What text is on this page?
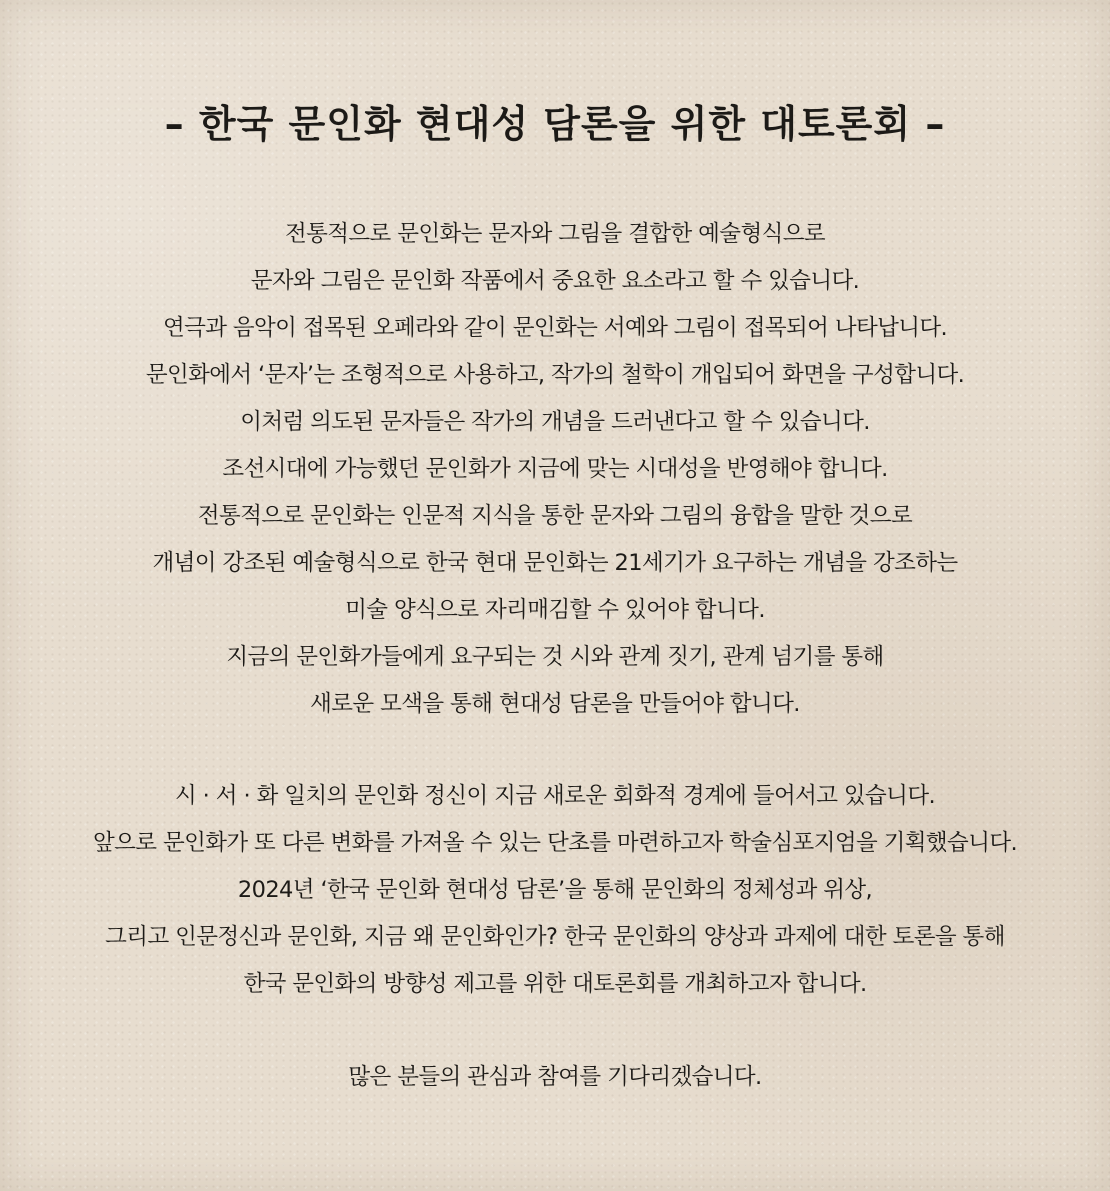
– 한국 문인화 현대성 담론을 위한 대토론회 –
전통적으로 문인화는 문자와 그림을 결합한 예술형식으로
문자와 그림은 문인화 작품에서 중요한 요소라고 할 수 있습니다.
연극과 음악이 접목된 오페라와 같이 문인화는 서예와 그림이 접목되어 나타납니다.
문인화에서 ‘문자’는 조형적으로 사용하고, 작가의 철학이 개입되어 화면을 구성합니다.
이처럼 의도된 문자들은 작가의 개념을 드러낸다고 할 수 있습니다.
조선시대에 가능했던 문인화가 지금에 맞는 시대성을 반영해야 합니다.
전통적으로 문인화는 인문적 지식을 통한 문자와 그림의 융합을 말한 것으로
개념이 강조된 예술형식으로 한국 현대 문인화는 21세기가 요구하는 개념을 강조하는
미술 양식으로 자리매김할 수 있어야 합니다.
지금의 문인화가들에게 요구되는 것 시와 관계 짓기, 관계 넘기를 통해
새로운 모색을 통해 현대성 담론을 만들어야 합니다.
시 · 서 · 화 일치의 문인화 정신이 지금 새로운 회화적 경계에 들어서고 있습니다.
앞으로 문인화가 또 다른 변화를 가져올 수 있는 단초를 마련하고자 학술심포지엄을 기획했습니다.
2024년 ‘한국 문인화 현대성 담론’을 통해 문인화의 정체성과 위상,
그리고 인문정신과 문인화, 지금 왜 문인화인가? 한국 문인화의 양상과 과제에 대한 토론을 통해
한국 문인화의 방향성 제고를 위한 대토론회를 개최하고자 합니다.
많은 분들의 관심과 참여를 기다리겠습니다.
